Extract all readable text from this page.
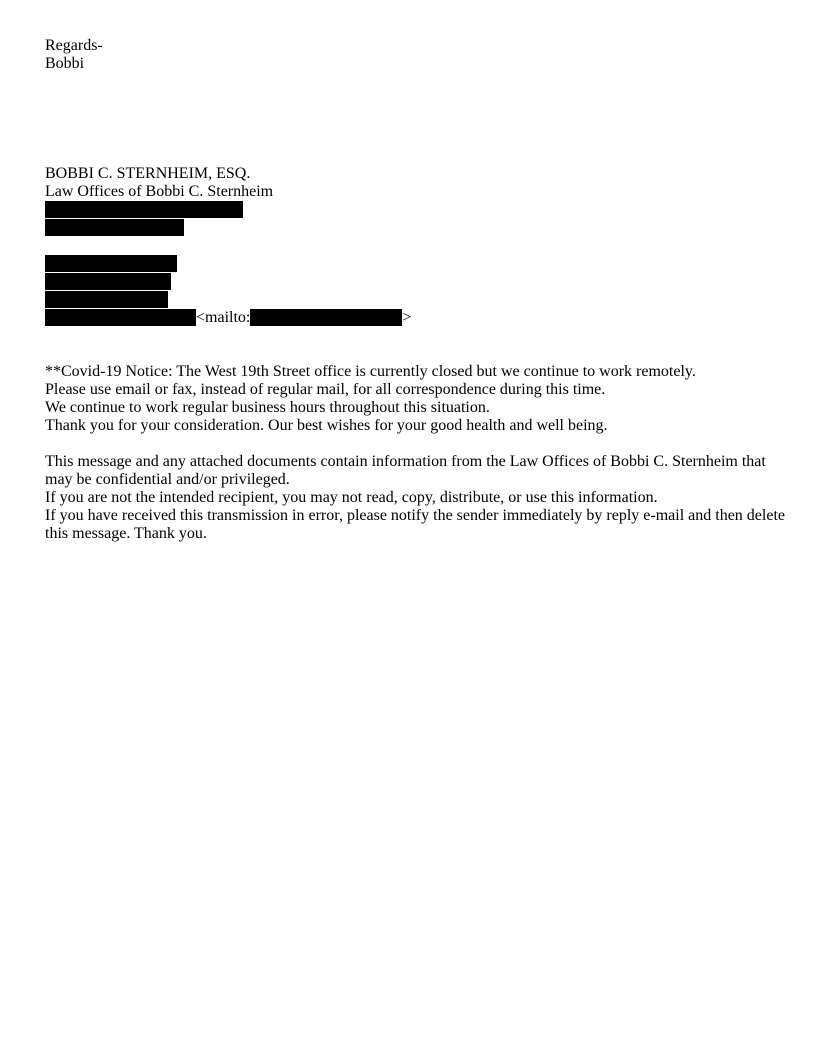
Regards-
Bobbi
BOBBI C. STERNHEIM, ESQ.
Law Offices of Bobbi C. Sternheim
<mailto:	>
**Covid-19 Notice: The West 19th Street office is currently closed but we continue to work remotely.
Please use email or fax, instead of regular mail, for all correspondence during this time.
We continue to work regular business hours throughout this situation.
Thank you for your consideration. Our best wishes for your good health and well being.
This message and any attached documents contain information from the Law Offices of Bobbi C. Sternheim that may be confidential and/or privileged.
If you are not the intended recipient, you may not read, copy, distribute, or use this information.
If you have received this transmission in error, please notify the sender immediately by reply e-mail and then delete this message. Thank you.
